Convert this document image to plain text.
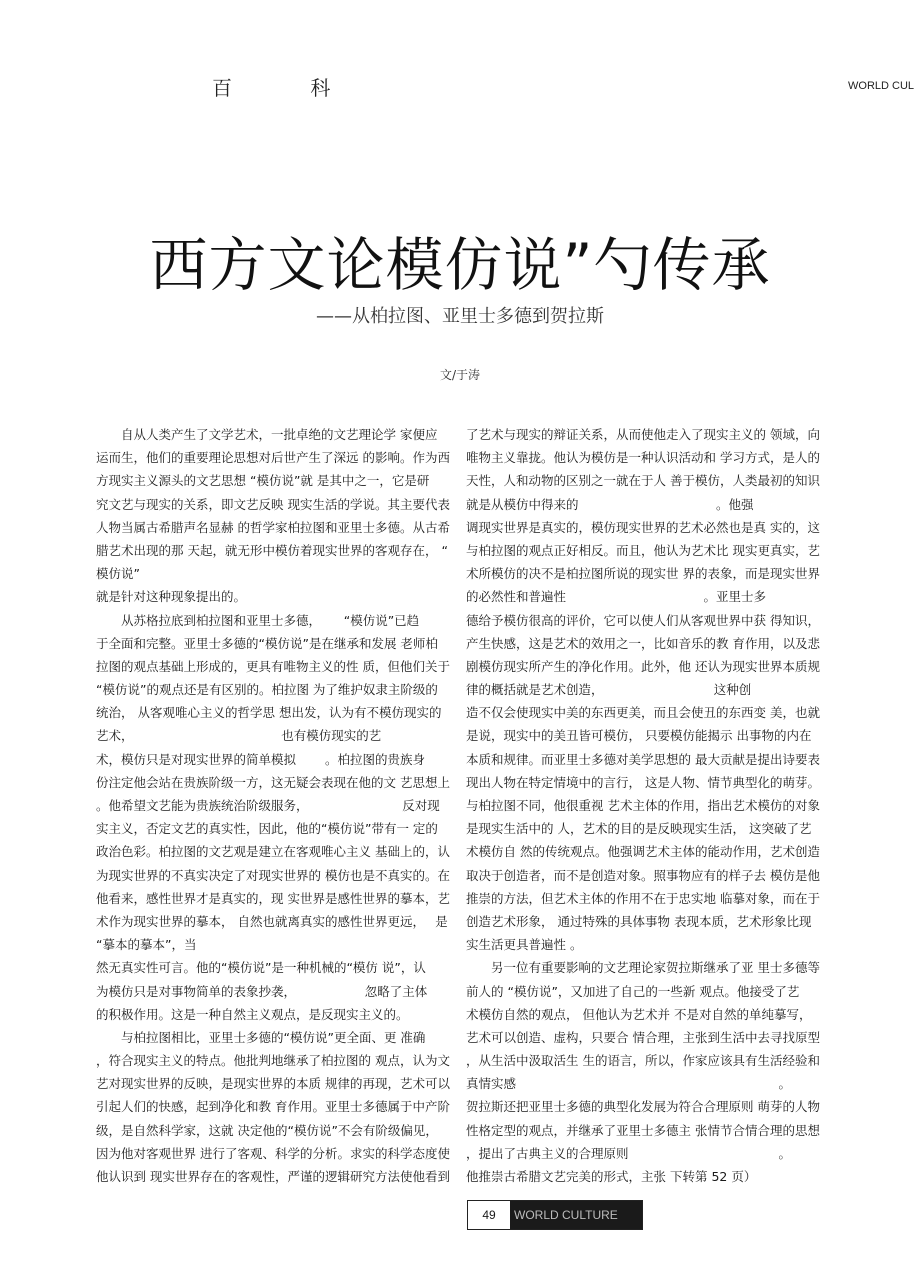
百 科	WORLD CUL
西方文论模仿说”勺传承
——从柏拉图、亚里士多德到贺拉斯
文/于涛
　　自从人类产生了文学艺术，一批卓绝的文艺理论学 家便应
运而生，他们的重要理论思想对后世产生了深远 的影响。作为西
方现实主义源头的文艺思想 “模仿说”就 是其中之一，它是研
究文艺与现实的关系，即文艺反映 现实生活的学说。其主要代表
人物当属古希腊声名显赫 的哲学家柏拉图和亚里士多德。从古希
腊艺术出现的那 天起，就无形中模仿着现实世界的客观存在， “
模仿说”
就是针对这种现象提出的。
　　从苏格拉底到柏拉图和亚里士多德，　　 “模仿说”已趋
于全面和完整。亚里士多德的“模仿说”是在继承和发展 老师柏
拉图的观点基础上形成的，更具有唯物主义的性 质，但他们关于
“模仿说”的观点还是有区别的。柏拉图 为了维护奴隶主阶级的
统治， 从客观唯心主义的哲学思 想出发，认为有不模仿现实的
艺术，　　　　　　　　　　　　 也有模仿现实的艺
术，模仿只是对现实世界的简单模拟　　 。柏拉图的贵族身
份注定他会站在贵族阶级一方，这无疑会表现在他的文 艺思想上
。他希望文艺能为贵族统治阶级服务，　　　　　　　　反对现
实主义，否定文艺的真实性，因此，他的“模仿说”带有一 定的
政治色彩。柏拉图的文艺观是建立在客观唯心主义 基础上的，认
为现实世界的不真实决定了对现实世界的 模仿也是不真实的。在
他看来，感性世界才是真实的，现 实世界是感性世界的摹本，艺
术作为现实世界的摹本， 自然也就离真实的感性世界更远，　 是
“摹本的摹本”，当
然无真实性可言。他的“模仿说”是一种机械的“模仿 说”，认
为模仿只是对事物简单的表象抄袭，　　　　　　忽略了主体
的积极作用。这是一种自然主义观点，是反现实主义的。
　　与柏拉图相比，亚里士多德的“模仿说”更全面、更 准确
，符合现实主义的特点。他批判地继承了柏拉图的 观点，认为文
艺对现实世界的反映，是现实世界的本质 规律的再现，艺术可以
引起人们的快感，起到净化和教 育作用。亚里士多德属于中产阶
级，是自然科学家，这就 决定他的“模仿说”不会有阶级偏见，
因为他对客观世界 进行了客观、科学的分析。求实的科学态度使
他认识到 现实世界存在的客观性，严谨的逻辑研究方法使他看到
了艺术与现实的辩证关系，从而使他走入了现实主义的 领域，向
唯物主义靠拢。他认为模仿是一种认识活动和 学习方式，是人的
天性，人和动物的区别之一就在于人 善于模仿，人类最初的知识
就是从模仿中得来的　　　　　　　　　　　。他强
调现实世界是真实的，模仿现实世界的艺术必然也是真 实的，这
与柏拉图的观点正好相反。而且，他认为艺术比 现实更真实，艺
术所模仿的决不是柏拉图所说的现实世 界的表象，而是现实世界
的必然性和普遍性　　　　　　　　　　　。亚里士多
德给予模仿很高的评价，它可以使人们从客观世界中获 得知识，
产生快感，这是艺术的效用之一，比如音乐的教 育作用，以及悲
剧模仿现实所产生的净化作用。此外，他 还认为现实世界本质规
律的概括就是艺术创造，　　　　　　　　　 这种创
造不仅会使现实中美的东西更美，而且会使丑的东西变 美，也就
是说，现实中的美丑皆可模仿， 只要模仿能揭示 出事物的内在
本质和规律。而亚里士多德对美学思想的 最大贡献是提出诗要表
现出人物在特定情境中的言行， 这是人物、情节典型化的萌芽。
与柏拉图不同，他很重视 艺术主体的作用，指出艺术模仿的对象
是现实生活中的 人，艺术的目的是反映现实生活， 这突破了艺
术模仿自 然的传统观点。他强调艺术主体的能动作用，艺术创造
取决于创造者，而不是创造对象。照事物应有的样子去 模仿是他
推崇的方法，但艺术主体的作用不在于忠实地 临摹对象，而在于
创造艺术形象， 通过特殊的具体事物 表现本质，艺术形象比现
实生活更具普遍性 。
　　另一位有重要影响的文艺理论家贺拉斯继承了亚 里士多德等
前人的 “模仿说”，又加进了自己的一些新 观点。他接受了艺
术模仿自然的观点， 但他认为艺术并 不是对自然的单纯摹写，
艺术可以创造、虚构，只要合 情合理，主张到生活中去寻找原型
，从生活中汲取活生 生的语言，所以，作家应该具有生活经验和
真情实感　　　　　　　　　　　　　　　　　　　　　。
贺拉斯还把亚里士多德的典型化发展为符合合理原则 萌芽的人物
性格定型的观点，并继承了亚里士多德主 张情节合情合理的思想
，提出了古典主义的合理原则　　　　　　　　　　　　。
他推崇古希腊文艺完美的形式，主张 下转第 52 页）
49	WORLD CULTURE
